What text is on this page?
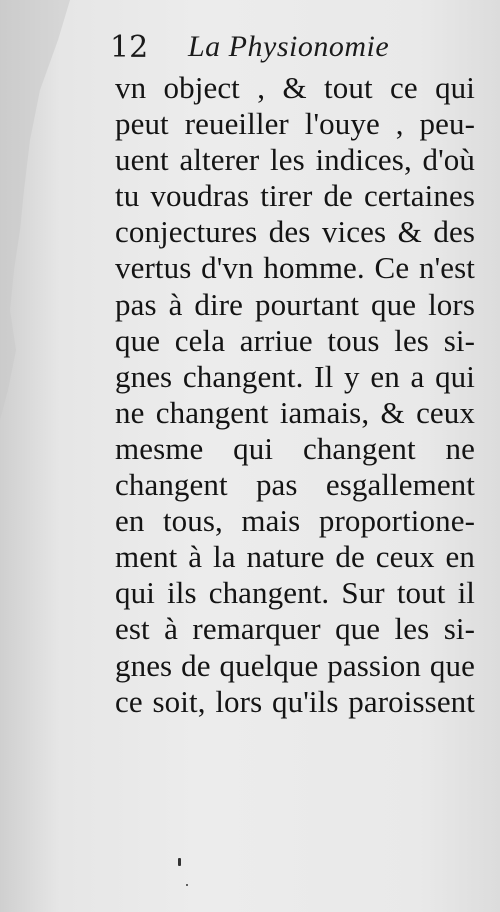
12 La Physionomie
vn object , & tout ce qui
peut reueiller l'ouye , peu-
uent alterer les indices, d'où
tu voudras tirer de certaines
conjectures des vices & des
vertus d'vn homme. Ce n'est
pas à dire pourtant que lors
que cela arriue tous les si-
gnes changent. Il y en a qui
ne changent iamais, & ceux
mesme qui changent ne
changent pas esgallement
en tous, mais proportione-
ment à la nature de ceux en
qui ils changent. Sur tout il
est à remarquer que les si-
gnes de quelque passion que
ce soit, lors qu'ils paroissent
